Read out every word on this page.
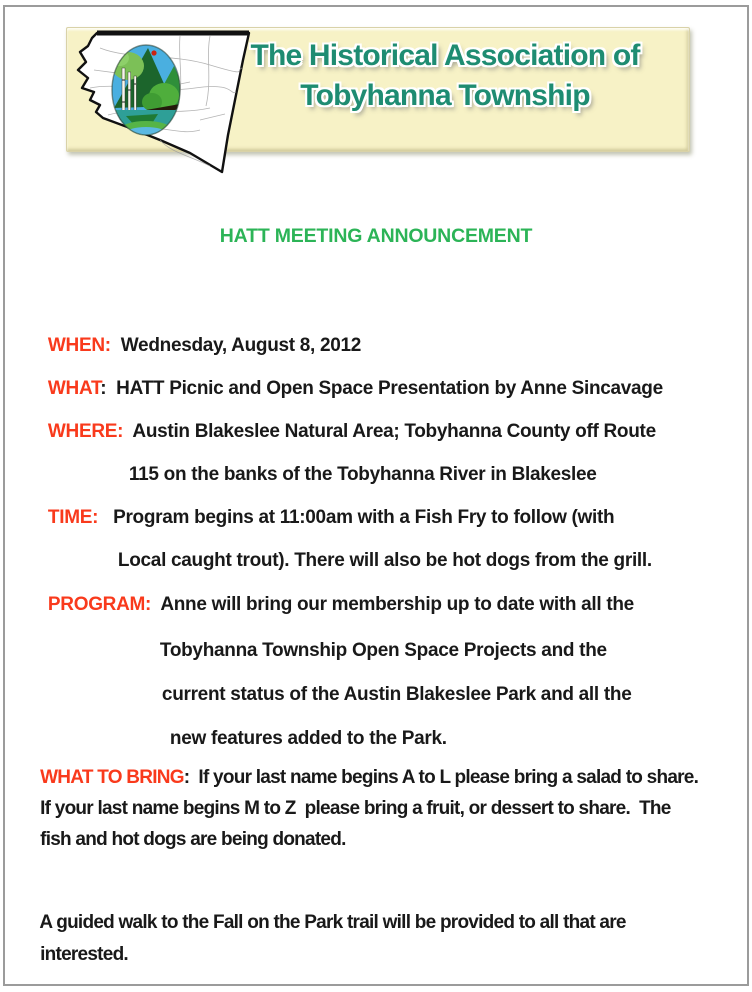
The Historical Association of
Tobyhanna Township
HATT MEETING ANNOUNCEMENT

WHEN:  Wednesday, August 8, 2012

WHAT:  HATT Picnic and Open Space Presentation by Anne Sincavage

WHERE:  Austin Blakeslee Natural Area; Tobyhanna County off Route

115 on the banks of the Tobyhanna River in Blakeslee

TIME:   Program begins at 11:00am with a Fish Fry to follow (with

Local caught trout). There will also be hot dogs from the grill.

PROGRAM:  Anne will bring our membership up to date with all the

Tobyhanna Township Open Space Projects and the

current status of the Austin Blakeslee Park and all the

new features added to the Park.

WHAT TO BRING:  If your last name begins A to L please bring a salad to share.

If your last name begins M to Z  please bring a fruit, or dessert to share.  The

fish and hot dogs are being donated.

A guided walk to the Fall on the Park trail will be provided to all that are

interested.
